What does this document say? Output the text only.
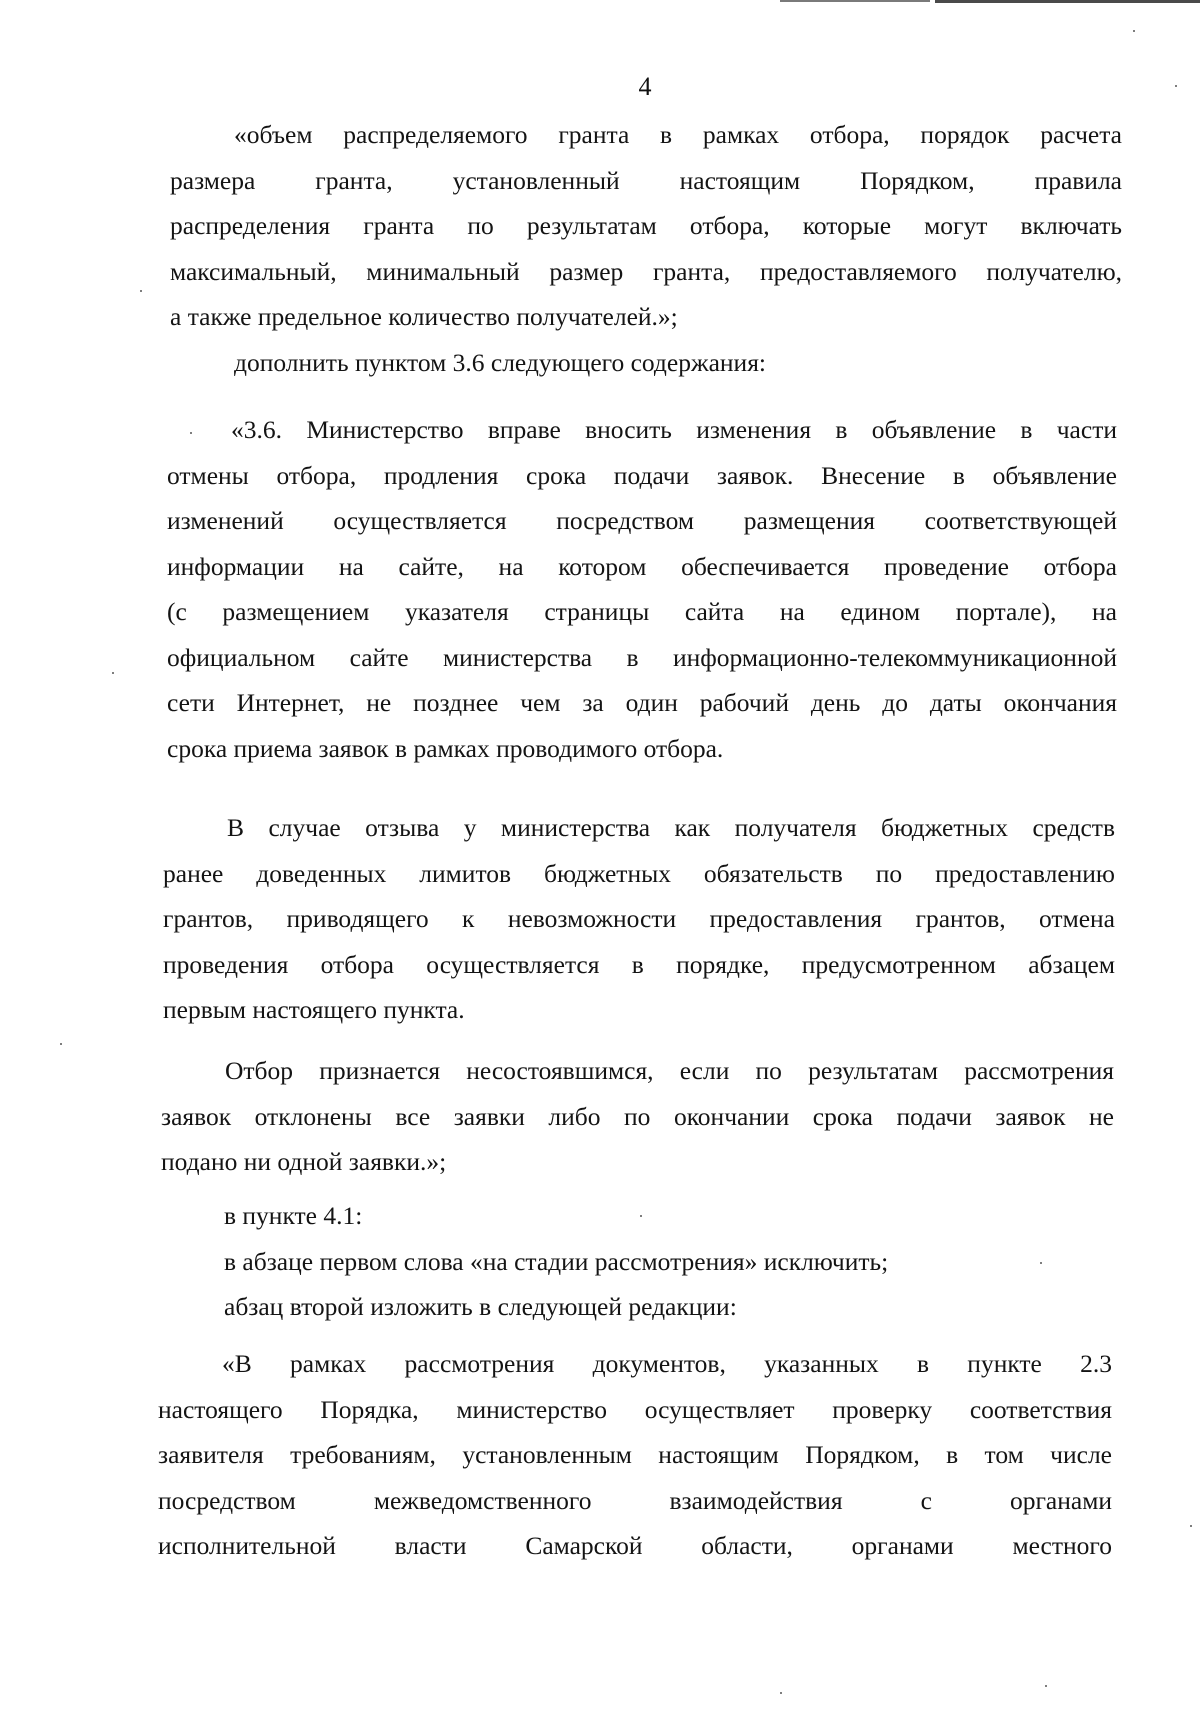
4
«объем распределяемого гранта в рамках отбора, порядок расчета
размера гранта, установленный настоящим Порядком, правила
распределения гранта по результатам отбора, которые могут включать
максимальный, минимальный размер гранта, предоставляемого получателю,
а также предельное количество получателей.»;
дополнить пунктом 3.6 следующего содержания:
«3.6. Министерство вправе вносить изменения в объявление в части
отмены отбора, продления срока подачи заявок. Внесение в объявление
изменений осуществляется посредством размещения соответствующей
информации на сайте, на котором обеспечивается проведение отбора
(с размещением указателя страницы сайта на едином портале), на
официальном сайте министерства в информационно-телекоммуникационной
сети Интернет, не позднее чем за один рабочий день до даты окончания
срока приема заявок в рамках проводимого отбора.
В случае отзыва у министерства как получателя бюджетных средств
ранее доведенных лимитов бюджетных обязательств по предоставлению
грантов, приводящего к невозможности предоставления грантов, отмена
проведения отбора осуществляется в порядке, предусмотренном абзацем
первым настоящего пункта.
Отбор признается несостоявшимся, если по результатам рассмотрения
заявок отклонены все заявки либо по окончании срока подачи заявок не
подано ни одной заявки.»;
в пункте 4.1:
в абзаце первом слова «на стадии рассмотрения» исключить;
абзац второй изложить в следующей редакции:
«В рамках рассмотрения документов, указанных в пункте 2.3
настоящего Порядка, министерство осуществляет проверку соответствия
заявителя требованиям, установленным настоящим Порядком, в том числе
посредством межведомственного взаимодействия с органами
исполнительной власти Самарской области, органами местного
